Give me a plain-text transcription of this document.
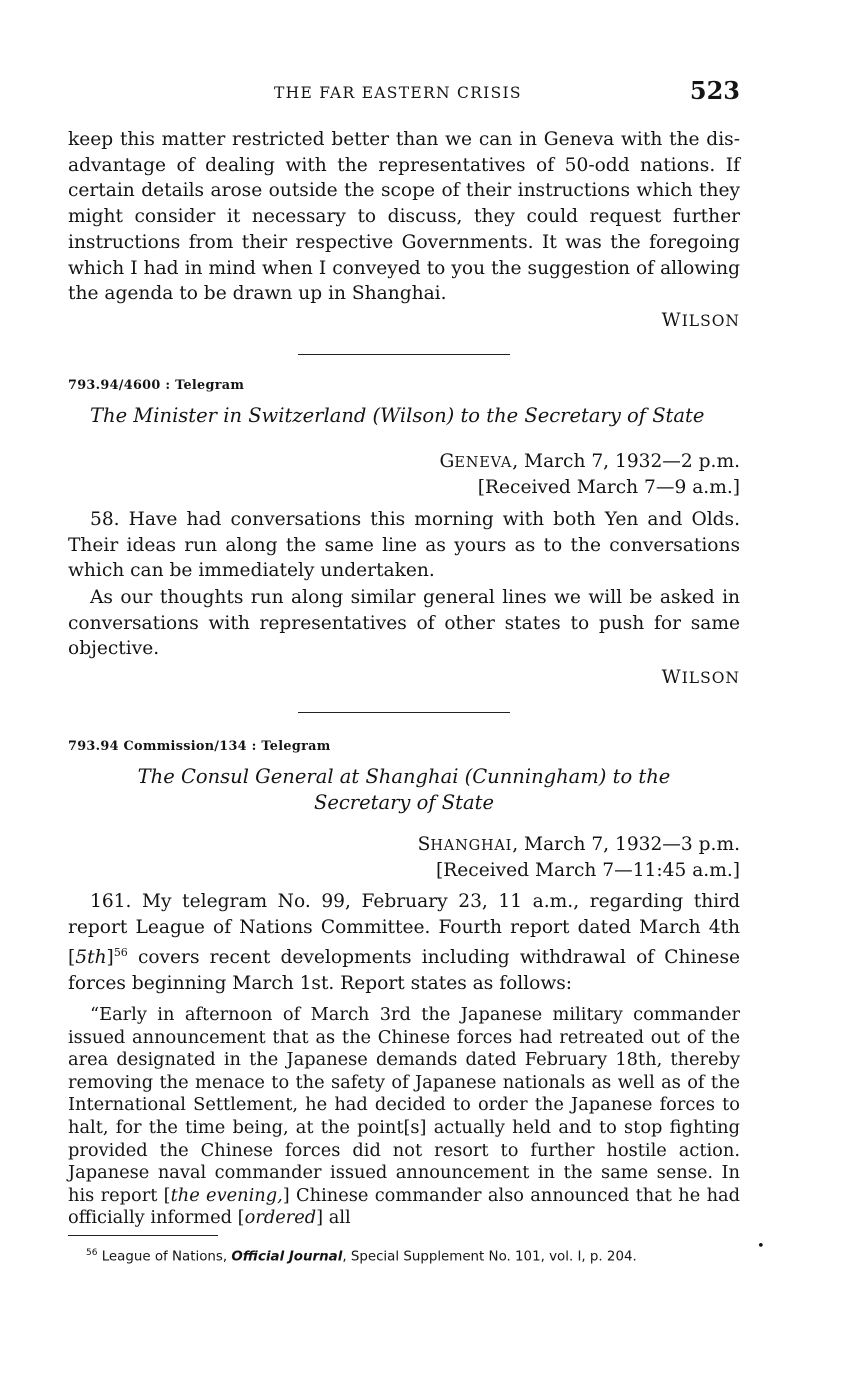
THE FAR EASTERN CRISIS	523

keep this matter restricted better than we can in Geneva with the disadvantage of dealing with the representatives of 50-odd nations. If certain details arose outside the scope of their instructions which they might consider it necessary to discuss, they could request further instructions from their respective Governments. It was the foregoing which I had in mind when I conveyed to you the suggestion of allowing the agenda to be drawn up in Shanghai.

WILSON
793.94/4600 : Telegram
The Minister in Switzerland (Wilson) to the Secretary of State
GENEVA, March 7, 1932—2 p.m.
[Received March 7—9 a.m.]

58. Have had conversations this morning with both Yen and Olds. Their ideas run along the same line as yours as to the conversations which can be immediately undertaken.

As our thoughts run along similar general lines we will be asked in conversations with representatives of other states to push for same objective.

WILSON
793.94 Commission/134 : Telegram
The Consul General at Shanghai (Cunningham) to the
Secretary of State
SHANGHAI, March 7, 1932—3 p.m.
[Received March 7—11:45 a.m.]

161. My telegram No. 99, February 23, 11 a.m., regarding third report League of Nations Committee. Fourth report dated March 4th $[5th]^{56}$ covers recent developments including withdrawal of Chinese forces beginning March 1st. Report states as follows:

“Early in afternoon of March 3rd the Japanese military commander issued announcement that as the Chinese forces had retreated out of the area designated in the Japanese demands dated February 18th, thereby removing the menace to the safety of Japanese nationals as well as of the International Settlement, he had decided to order the Japanese forces to halt, for the time being, at the point[s] actually held and to stop fighting provided the Chinese forces did not resort to further hostile action. Japanese naval commander issued announcement in the same sense. In his report [the evening,] Chinese commander also announced that he had officially informed [ordered] all

•
$^{56}$ League of Nations, Official Journal, Special Supplement No. 101, vol. I, p. 204.
